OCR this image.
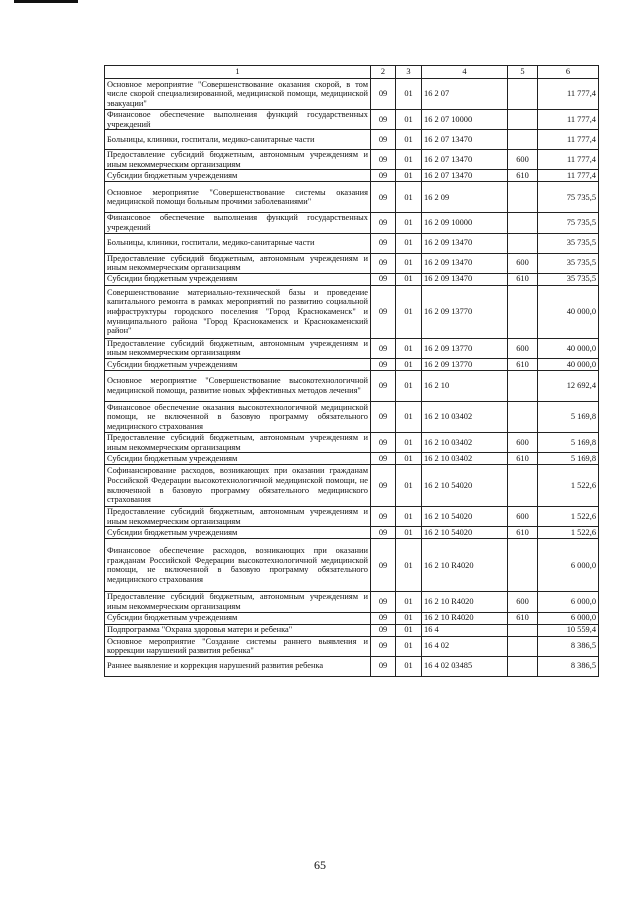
1	2	3	4	5	6
Основное мероприятие "Совершенствование оказания скорой, в том числе скорой специализированной, медицинской помощи, медицинской эвакуации"	09	01	16 2 07		11 777,4
Финансовое обеспечение выполнения функций государственных учреждений	09	01	16 2 07 10000		11 777,4
Больницы, клиники, госпитали, медико-санитарные части	09	01	16 2 07 13470		11 777,4
Предоставление субсидий бюджетным, автономным учреждениям и иным некоммерческим организациям	09	01	16 2 07 13470	600	11 777,4
Субсидии бюджетным учреждениям	09	01	16 2 07 13470	610	11 777,4
Основное мероприятие "Совершенствование системы оказания медицинской помощи больным прочими заболеваниями"	09	01	16 2 09		75 735,5
Финансовое обеспечение выполнения функций государственных учреждений	09	01	16 2 09 10000		75 735,5
Больницы, клиники, госпитали, медико-санитарные части	09	01	16 2 09 13470		35 735,5
Предоставление субсидий бюджетным, автономным учреждениям и иным некоммерческим организациям	09	01	16 2 09 13470	600	35 735,5
Субсидии бюджетным учреждениям	09	01	16 2 09 13470	610	35 735,5
Совершенствование материально-технической базы и проведение капитального ремонта в рамках мероприятий по развитию социальной инфраструктуры городского поселения "Город Краснокаменск" и муниципального района "Город Краснокаменск и Краснокаменский район"	09	01	16 2 09 13770		40 000,0
Предоставление субсидий бюджетным, автономным учреждениям и иным некоммерческим организациям	09	01	16 2 09 13770	600	40 000,0
Субсидии бюджетным учреждениям	09	01	16 2 09 13770	610	40 000,0
Основное мероприятие "Совершенствование высокотехнологичной медицинской помощи, развитие новых эффективных методов лечения"	09	01	16 2 10		12 692,4
Финансовое обеспечение оказания высокотехнологичной медицинской помощи, не включенной в базовую программу обязательного медицинского страхования	09	01	16 2 10 03402		5 169,8
Предоставление субсидий бюджетным, автономным учреждениям и иным некоммерческим организациям	09	01	16 2 10 03402	600	5 169,8
Субсидии бюджетным учреждениям	09	01	16 2 10 03402	610	5 169,8
Софинансирование расходов, возникающих при оказании гражданам Российской Федерации высокотехнологичной медицинской помощи, не включенной в базовую программу обязательного медицинского страхования	09	01	16 2 10 54020		1 522,6
Предоставление субсидий бюджетным, автономным учреждениям и иным некоммерческим организациям	09	01	16 2 10 54020	600	1 522,6
Субсидии бюджетным учреждениям	09	01	16 2 10 54020	610	1 522,6
Финансовое обеспечение расходов, возникающих при оказании гражданам Российской Федерации высокотехнологичной медицинской помощи, не включенной в базовую программу обязательного медицинского страхования	09	01	16 2 10 R4020		6 000,0
Предоставление субсидий бюджетным, автономным учреждениям и иным некоммерческим организациям	09	01	16 2 10 R4020	600	6 000,0
Субсидии бюджетным учреждениям	09	01	16 2 10 R4020	610	6 000,0
Подпрограмма "Охрана здоровья матери и ребенка"	09	01	16 4		10 559,4
Основное мероприятие "Создание системы раннего выявления и коррекции нарушений развития ребенка"	09	01	16 4 02		8 386,5
Раннее выявление и коррекция нарушений развития ребенка	09	01	16 4 02 03485		8 386,5
65
